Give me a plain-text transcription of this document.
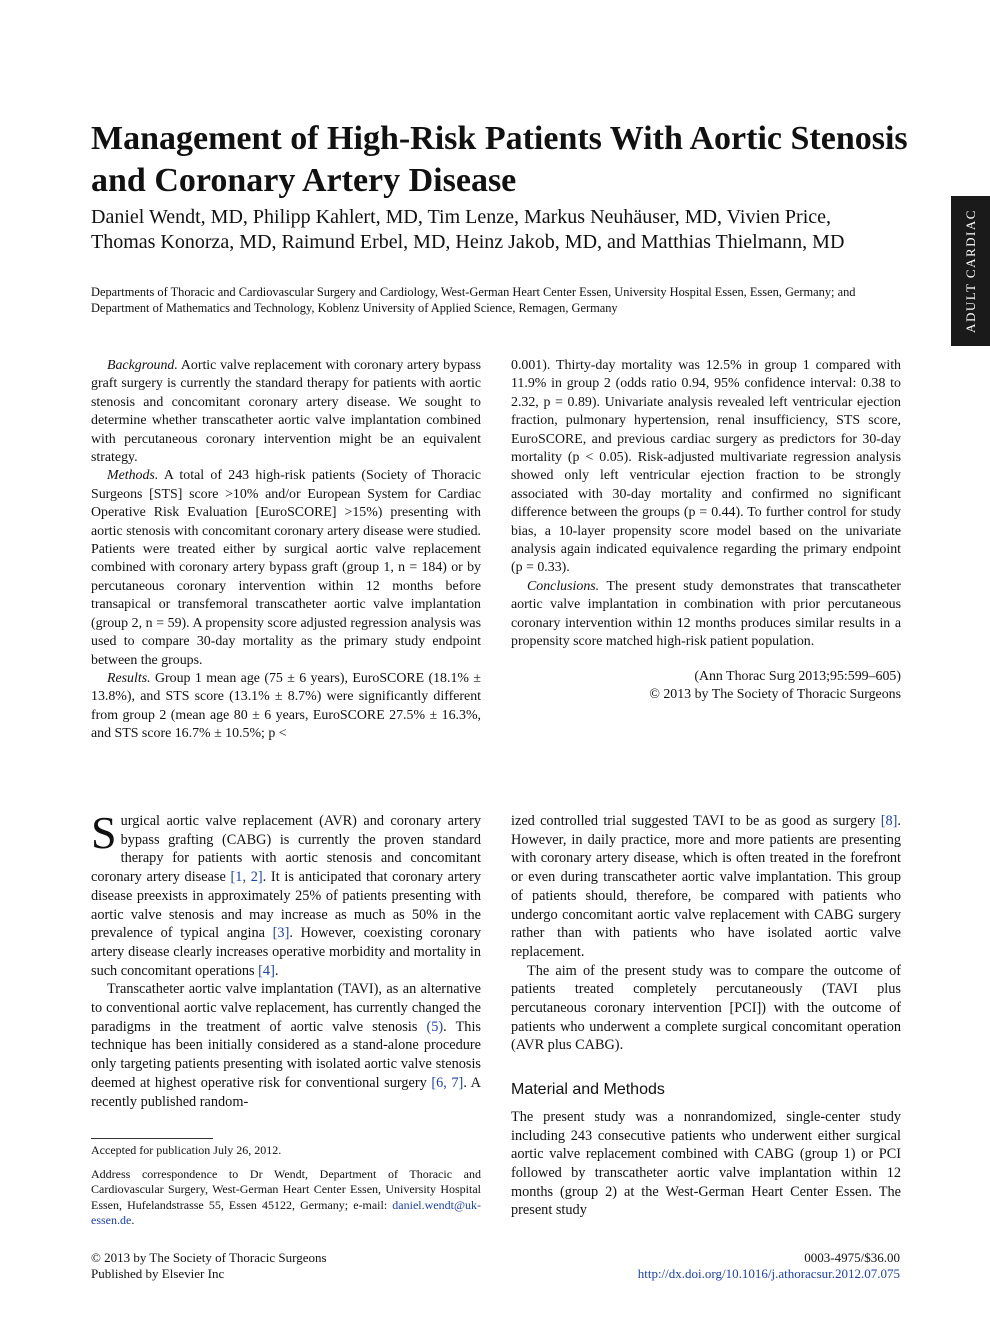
ADULT CARDIAC
Management of High-Risk Patients With Aortic Stenosis and Coronary Artery Disease

Daniel Wendt, MD, Philipp Kahlert, MD, Tim Lenze, Markus Neuhäuser, MD, Vivien Price, Thomas Konorza, MD, Raimund Erbel, MD, Heinz Jakob, MD, and Matthias Thielmann, MD

Departments of Thoracic and Cardiovascular Surgery and Cardiology, West-German Heart Center Essen, University Hospital Essen, Essen, Germany; and Department of Mathematics and Technology, Koblenz University of Applied Science, Remagen, Germany

Background. Aortic valve replacement with coronary artery bypass graft surgery is currently the standard therapy for patients with aortic stenosis and concomitant coronary artery disease. We sought to determine whether transcatheter aortic valve implantation combined with percutaneous coronary intervention might be an equivalent strategy.

Methods. A total of 243 high-risk patients (Society of Thoracic Surgeons [STS] score >10% and/or European System for Cardiac Operative Risk Evaluation [EuroSCORE] >15%) presenting with aortic stenosis with concomitant coronary artery disease were studied. Patients were treated either by surgical aortic valve replacement combined with coronary artery bypass graft (group 1, n = 184) or by percutaneous coronary intervention within 12 months before transapical or transfemoral transcatheter aortic valve implantation (group 2, n = 59). A propensity score adjusted regression analysis was used to compare 30-day mortality as the primary study endpoint between the groups.

Results. Group 1 mean age (75 ± 6 years), EuroSCORE (18.1% ± 13.8%), and STS score (13.1% ± 8.7%) were significantly different from group 2 (mean age 80 ± 6 years, EuroSCORE 27.5% ± 16.3%, and STS score 16.7% ± 10.5%; p <

0.001). Thirty-day mortality was 12.5% in group 1 compared with 11.9% in group 2 (odds ratio 0.94, 95% confidence interval: 0.38 to 2.32, p = 0.89). Univariate analysis revealed left ventricular ejection fraction, pulmonary hypertension, renal insufficiency, STS score, EuroSCORE, and previous cardiac surgery as predictors for 30-day mortality (p < 0.05). Risk-adjusted multivariate regression analysis showed only left ventricular ejection fraction to be strongly associated with 30-day mortality and confirmed no significant difference between the groups (p = 0.44). To further control for study bias, a 10-layer propensity score model based on the univariate analysis again indicated equivalence regarding the primary endpoint (p = 0.33).

Conclusions. The present study demonstrates that transcatheter aortic valve implantation in combination with prior percutaneous coronary intervention within 12 months produces similar results in a propensity score matched high-risk patient population.

(Ann Thorac Surg 2013;95:599–605)
© 2013 by The Society of Thoracic Surgeons

Surgical aortic valve replacement (AVR) and coronary artery bypass grafting (CABG) is currently the proven standard therapy for patients with aortic stenosis and concomitant coronary artery disease [1, 2]. It is anticipated that coronary artery disease preexists in approximately 25% of patients presenting with aortic valve stenosis and may increase as much as 50% in the prevalence of typical angina [3]. However, coexisting coronary artery disease clearly increases operative morbidity and mortality in such concomitant operations [4].

Transcatheter aortic valve implantation (TAVI), as an alternative to conventional aortic valve replacement, has currently changed the paradigms in the treatment of aortic valve stenosis (5). This technique has been initially considered as a stand-alone procedure only targeting patients presenting with isolated aortic valve stenosis deemed at highest operative risk for conventional surgery [6, 7]. A recently published random-

ized controlled trial suggested TAVI to be as good as surgery [8]. However, in daily practice, more and more patients are presenting with coronary artery disease, which is often treated in the forefront or even during transcatheter aortic valve implantation. This group of patients should, therefore, be compared with patients who undergo concomitant aortic valve replacement with CABG surgery rather than with patients who have isolated aortic valve replacement.

The aim of the present study was to compare the outcome of patients treated completely percutaneously (TAVI plus percutaneous coronary intervention [PCI]) with the outcome of patients who underwent a complete surgical concomitant operation (AVR plus CABG).

Material and Methods

The present study was a nonrandomized, single-center study including 243 consecutive patients who underwent either surgical aortic valve replacement combined with CABG (group 1) or PCI followed by transcatheter aortic valve implantation within 12 months (group 2) at the West-German Heart Center Essen. The present study

Accepted for publication July 26, 2012.

Address correspondence to Dr Wendt, Department of Thoracic and Cardiovascular Surgery, West-German Heart Center Essen, University Hospital Essen, Hufelandstrasse 55, Essen 45122, Germany; e-mail: daniel.wendt@uk-essen.de.

© 2013 by The Society of Thoracic Surgeons
Published by Elsevier Inc
0003-4975/$36.00
http://dx.doi.org/10.1016/j.athoracsur.2012.07.075
